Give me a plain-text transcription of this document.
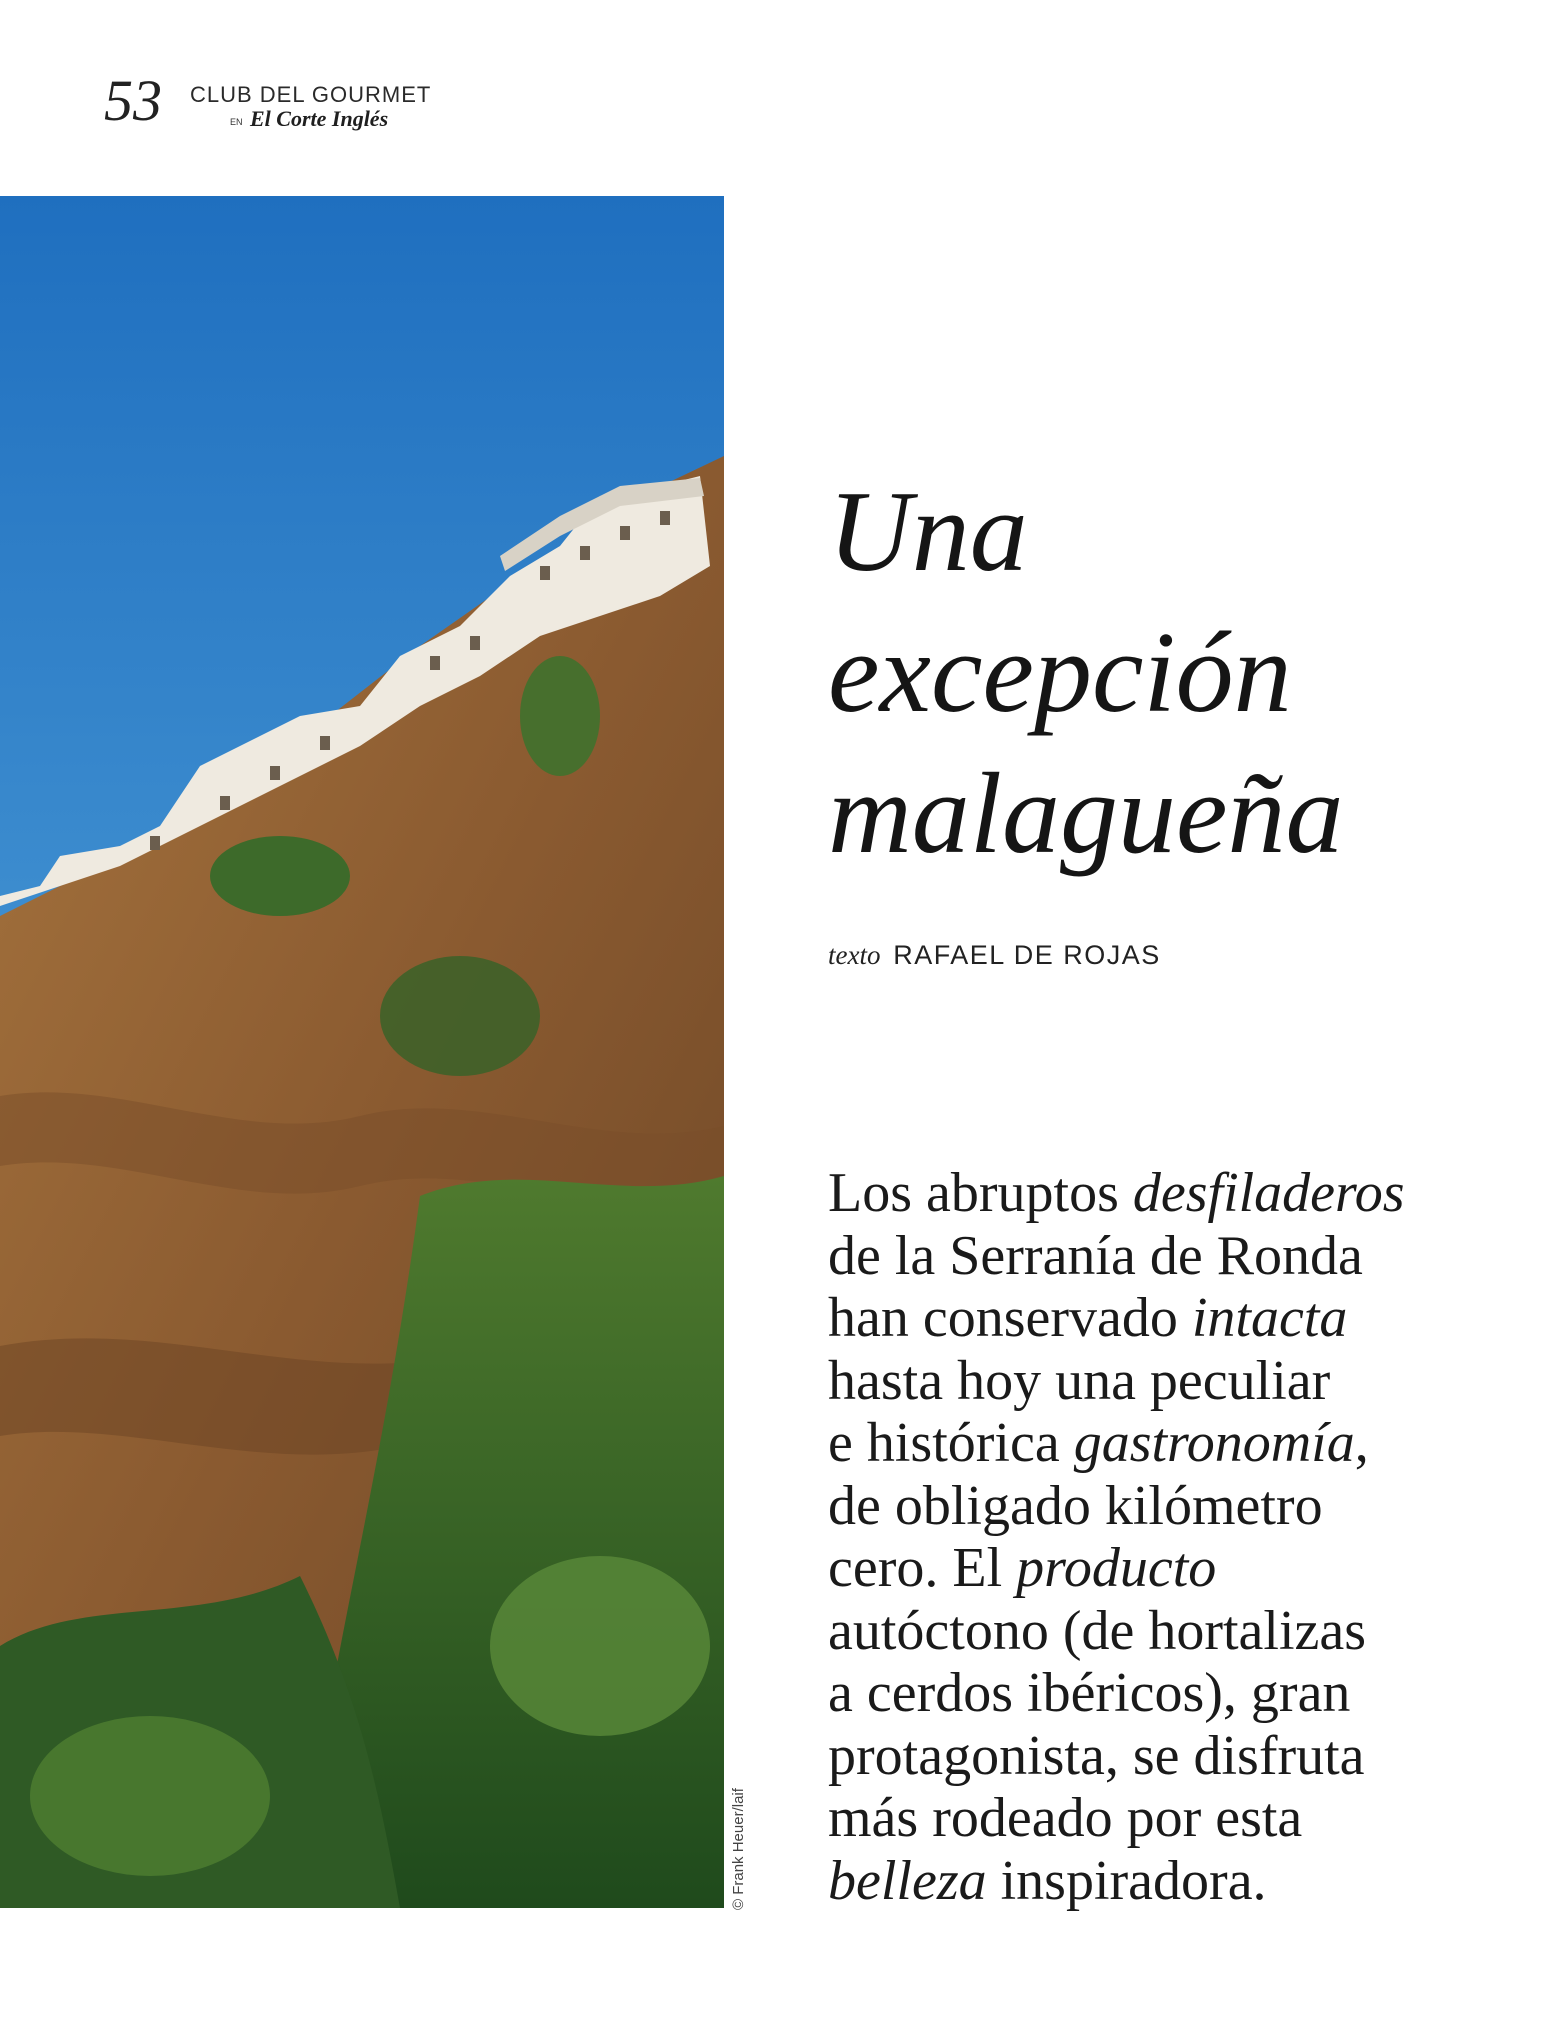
53 CLUB DEL GOURMET
EN El Corte Inglés
© Frank Heuer/laif
Una
excepción
malagueña
texto RAFAEL DE ROJAS
Los abruptos desfiladeros
de la Serranía de Ronda
han conservado intacta
hasta hoy una peculiar
e histórica gastronomía,
de obligado kilómetro
cero. El producto
autóctono (de hortalizas
a cerdos ibéricos), gran
protagonista, se disfruta
más rodeado por esta
belleza inspiradora.
